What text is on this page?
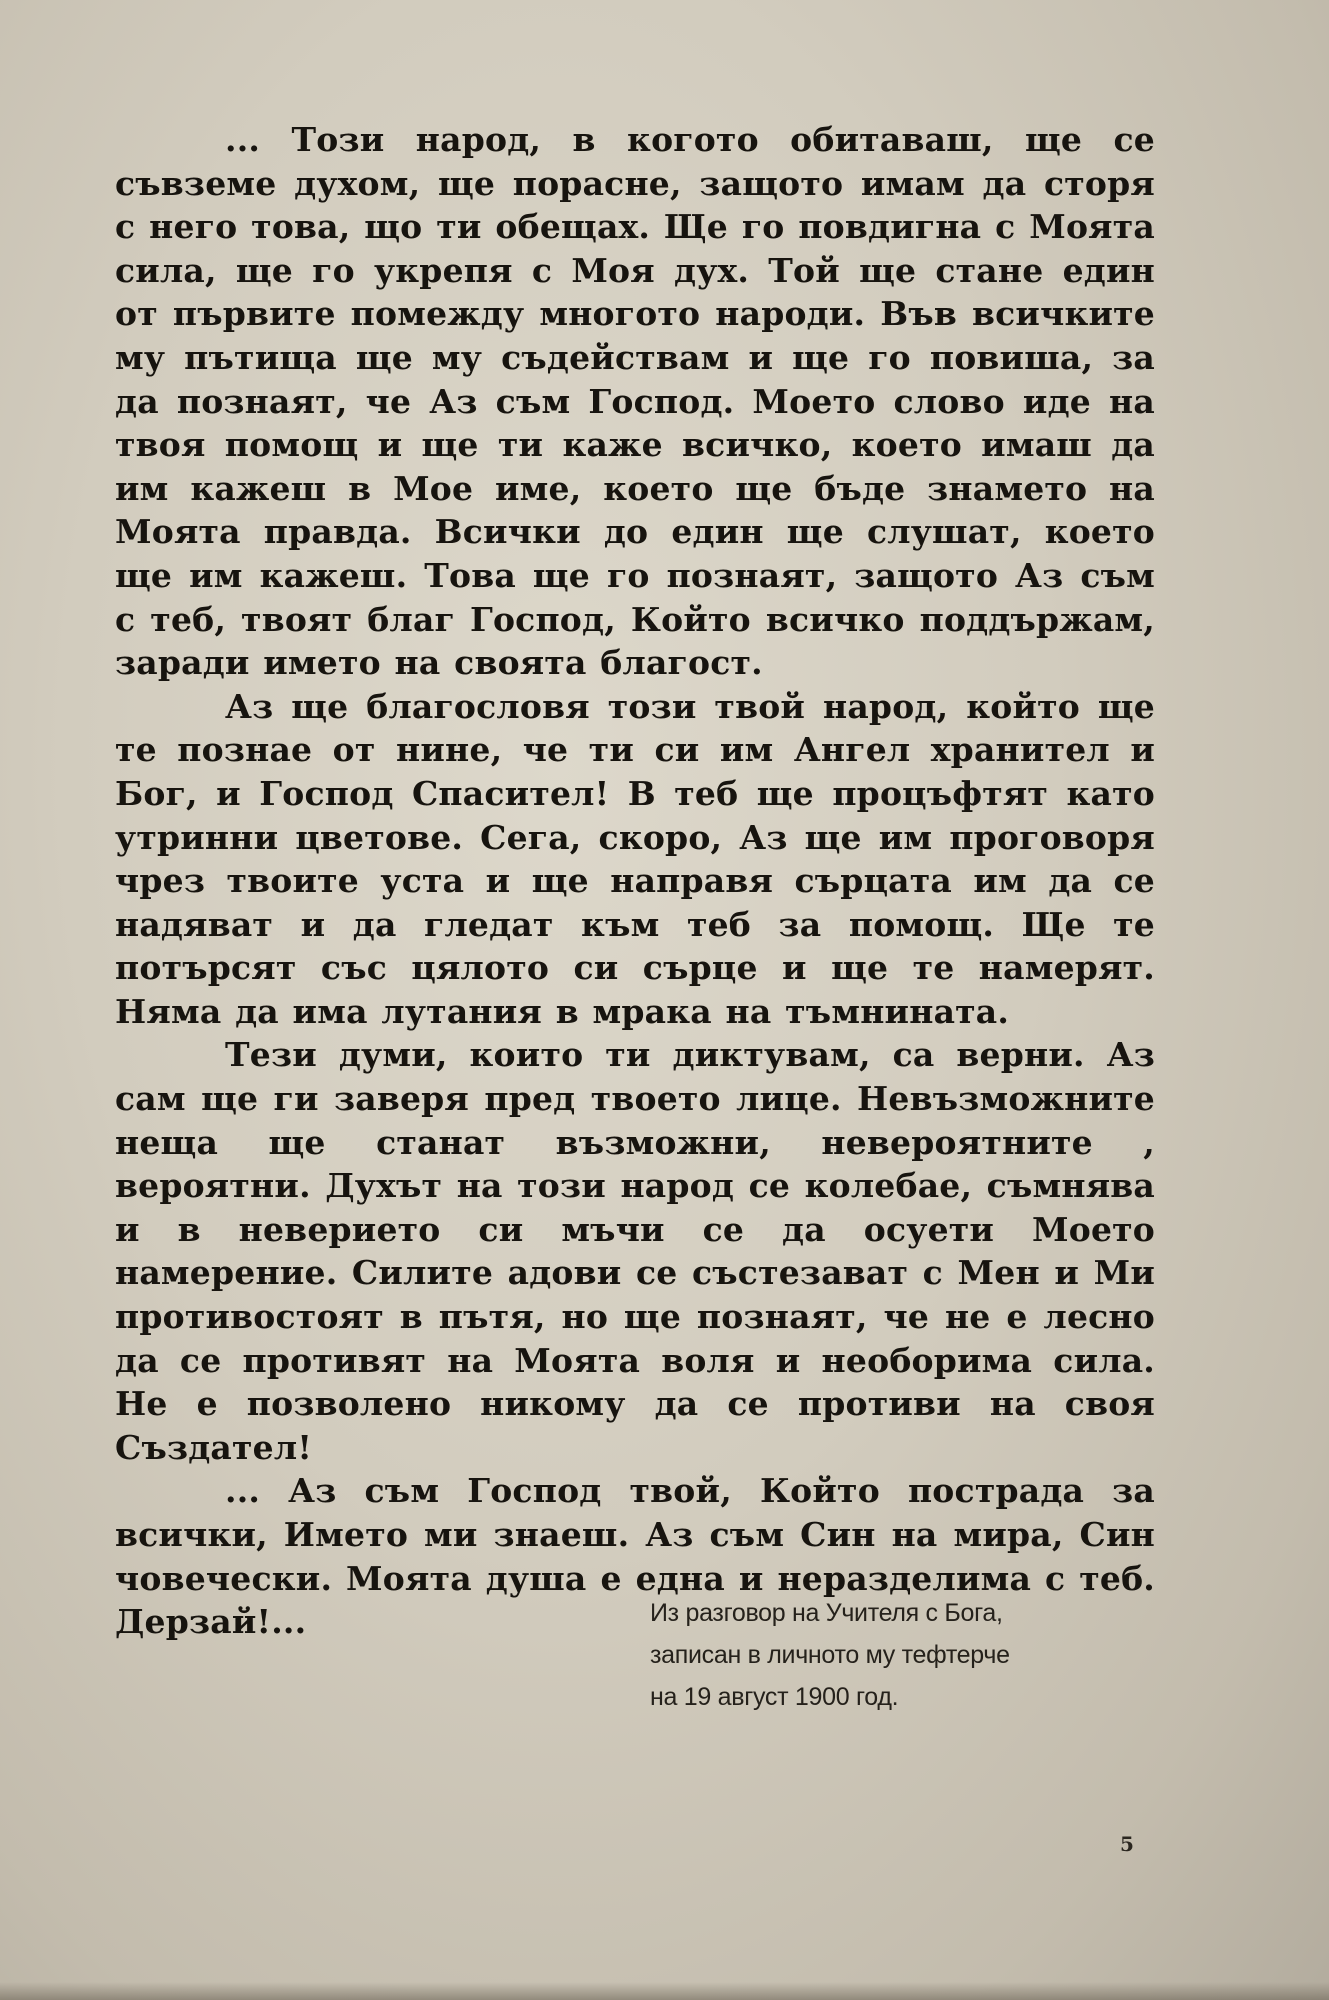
... Този народ, в когото обитаваш, ще се съвземе духом, ще порасне, защото имам да сторя с него това, що ти обещах. Ще го повдигна с Моята сила, ще го укрепя с Моя дух. Той ще стане един от първите помежду многото народи. Във всичките му пътища ще му съдействам и ще го повиша, за да познаят, че Аз съм Господ. Моето слово иде на твоя помощ и ще ти каже всичко, което имаш да им кажеш в Мое име, което ще бъде знамето на Моята правда. Всички до един ще слушат, което ще им кажеш. Това ще го познаят, защото Аз съм с теб, твоят благ Господ, Който всичко поддържам, заради името на своята благост.

Аз ще благословя този твой народ, който ще те познае от нине, че ти си им Ангел хранител и Бог, и Господ Спасител! В теб ще процъфтят като утринни цветове. Сега, скоро, Аз ще им проговоря чрез твоите уста и ще направя сърцата им да се надяват и да гледат към теб за помощ. Ще те потърсят със цялото си сърце и ще те намерят. Няма да има лутания в мрака на тъмнината.

Тези думи, които ти диктувам, са верни. Аз сам ще ги заверя пред твоето лице. Невъзможните неща ще станат възможни, невероятните , вероятни. Духът на този народ се колебае, съмнява и в неверието си мъчи се да осуети Моето намерение. Силите адови се състезават с Мен и Ми противостоят в пътя, но ще познаят, че не е лесно да се противят на Моята воля и необорима сила. Не е позволено никому да се противи на своя Създател!

... Аз съм Господ твой, Който пострада за всички, Името ми знаеш. Аз съм Син на мира, Син човечески. Моята душа е една и неразделима с теб. Дерзай!...	Из разговор на Учителя с Бога,
записан в личното му тефтерче
на 19 август 1900 год.
5
